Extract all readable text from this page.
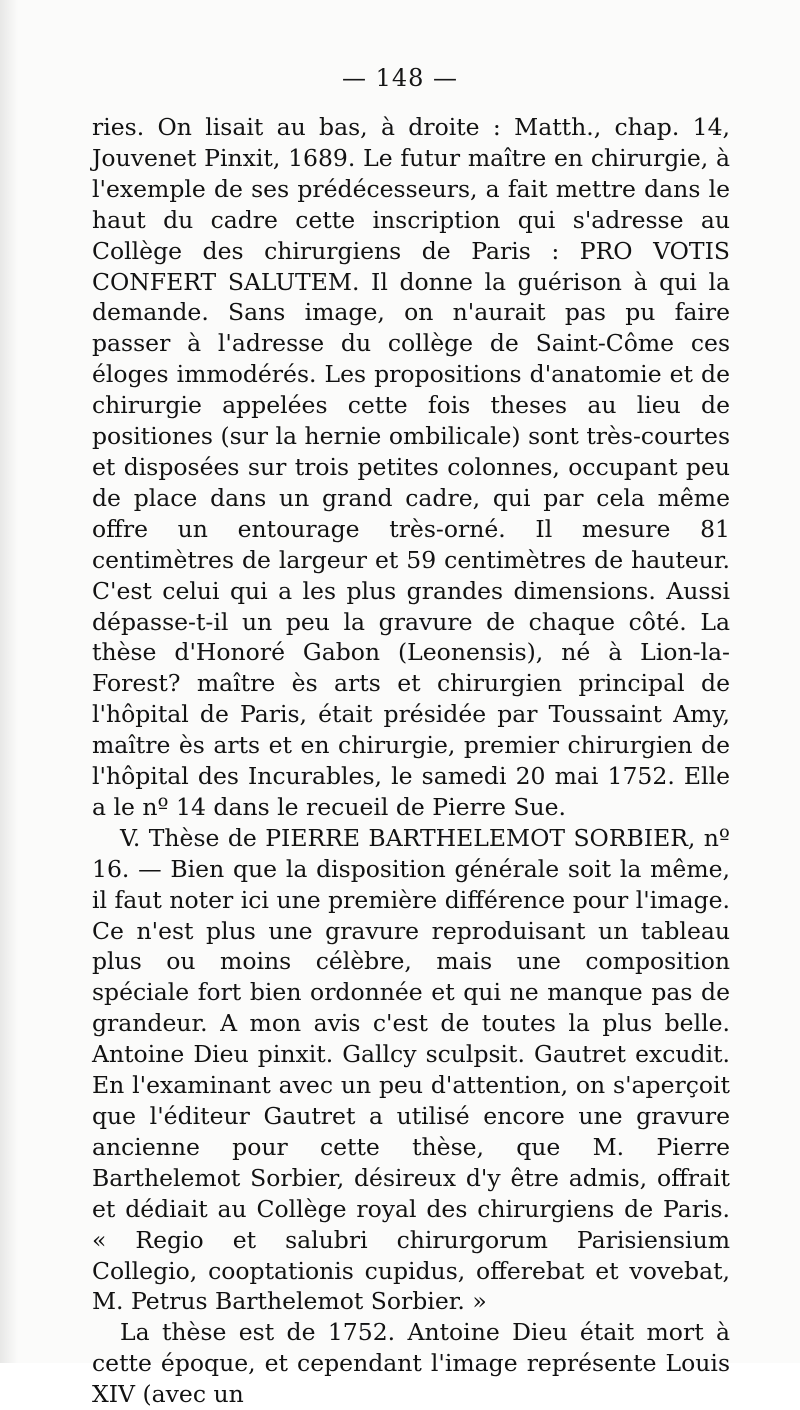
— 148 —

ries. On lisait au bas, à droite : Matth., chap. 14, Jouvenet Pinxit, 1689. Le futur maître en chirurgie, à l'exemple de ses prédécesseurs, a fait mettre dans le haut du cadre cette inscription qui s'adresse au Collège des chirurgiens de Paris : PRO VOTIS CONFERT SALUTEM. Il donne la guérison à qui la demande. Sans image, on n'aurait pas pu faire passer à l'adresse du collège de Saint-Côme ces éloges immodérés. Les propositions d'anatomie et de chirurgie appelées cette fois theses au lieu de positiones (sur la hernie ombilicale) sont très-courtes et disposées sur trois petites colonnes, occupant peu de place dans un grand cadre, qui par cela même offre un entourage très-orné. Il mesure 81 centimètres de largeur et 59 centimètres de hauteur. C'est celui qui a les plus grandes dimensions. Aussi dépasse-t-il un peu la gravure de chaque côté. La thèse d'Honoré Gabon (Leonensis), né à Lion-la-Forest? maître ès arts et chirurgien principal de l'hôpital de Paris, était présidée par Toussaint Amy, maître ès arts et en chirurgie, premier chirurgien de l'hôpital des Incurables, le samedi 20 mai 1752. Elle a le nº 14 dans le recueil de Pierre Sue.

V. Thèse de PIERRE BARTHELEMOT SORBIER, nº 16. — Bien que la disposition générale soit la même, il faut noter ici une première différence pour l'image. Ce n'est plus une gravure reproduisant un tableau plus ou moins célèbre, mais une composition spéciale fort bien ordonnée et qui ne manque pas de grandeur. A mon avis c'est de toutes la plus belle. Antoine Dieu pinxit. Gallcy sculpsit. Gautret excudit. En l'examinant avec un peu d'attention, on s'aperçoit que l'éditeur Gautret a utilisé encore une gravure ancienne pour cette thèse, que M. Pierre Barthelemot Sorbier, désireux d'y être admis, offrait et dédiait au Collège royal des chirurgiens de Paris. « Regio et salubri chirurgorum Parisiensium Collegio, cooptationis cupidus, offerebat et vovebat, M. Petrus Barthelemot Sorbier. »

La thèse est de 1752. Antoine Dieu était mort à cette époque, et cependant l'image représente Louis XIV (avec un
